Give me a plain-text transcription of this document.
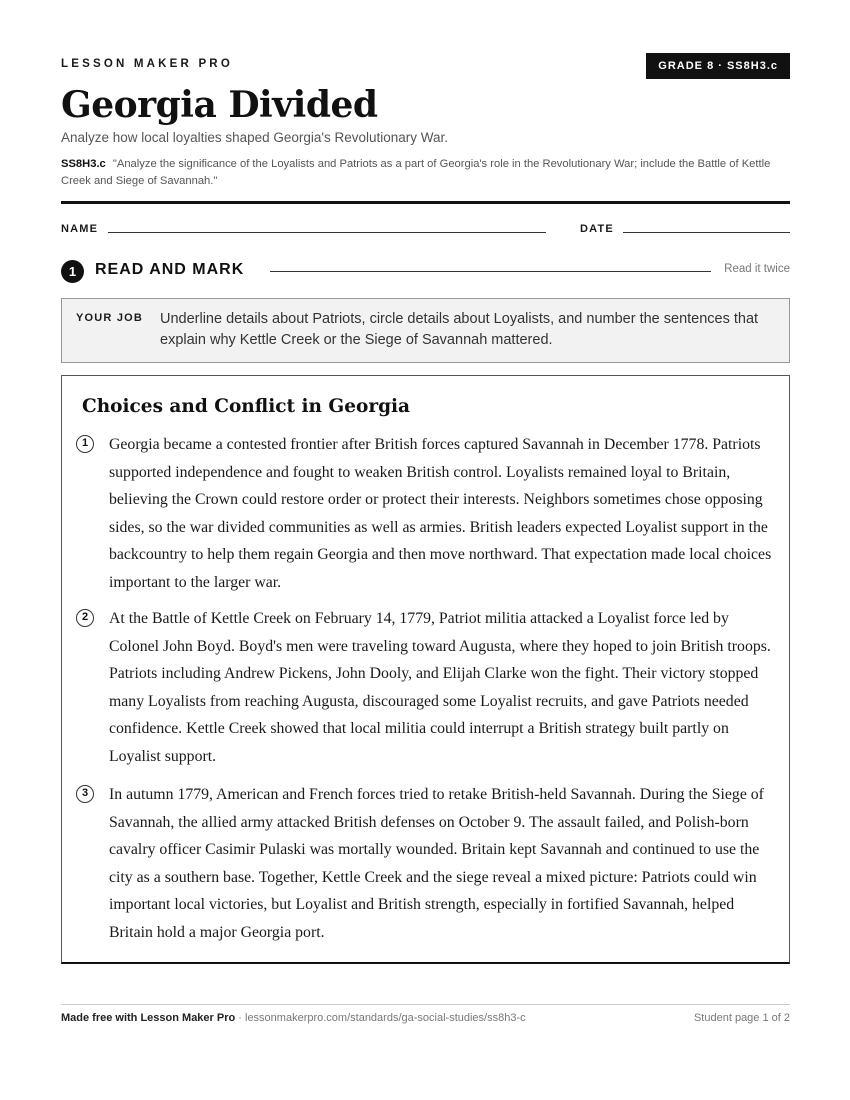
LESSON MAKER PRO	GRADE 8 · SS8H3.c
Georgia Divided
Analyze how local loyalties shaped Georgia's Revolutionary War.
SS8H3.c "Analyze the significance of the Loyalists and Patriots as a part of Georgia's role in the Revolutionary War; include the Battle of Kettle Creek and Siege of Savannah."
NAME	DATE
1	READ AND MARK	Read it twice
YOUR JOB Underline details about Patriots, circle details about Loyalists, and number the sentences that explain why Kettle Creek or the Siege of Savannah mattered.
Choices and Conflict in Georgia
1	Georgia became a contested frontier after British forces captured Savannah in December 1778. Patriots supported independence and fought to weaken British control. Loyalists remained loyal to Britain, believing the Crown could restore order or protect their interests. Neighbors sometimes chose opposing sides, so the war divided communities as well as armies. British leaders expected Loyalist support in the backcountry to help them regain Georgia and then move northward. That expectation made local choices important to the larger war.

2	At the Battle of Kettle Creek on February 14, 1779, Patriot militia attacked a Loyalist force led by Colonel John Boyd. Boyd's men were traveling toward Augusta, where they hoped to join British troops. Patriots including Andrew Pickens, John Dooly, and Elijah Clarke won the fight. Their victory stopped many Loyalists from reaching Augusta, discouraged some Loyalist recruits, and gave Patriots needed confidence. Kettle Creek showed that local militia could interrupt a British strategy built partly on Loyalist support.

3	In autumn 1779, American and French forces tried to retake British-held Savannah. During the Siege of Savannah, the allied army attacked British defenses on October 9. The assault failed, and Polish-born cavalry officer Casimir Pulaski was mortally wounded. Britain kept Savannah and continued to use the city as a southern base. Together, Kettle Creek and the siege reveal a mixed picture: Patriots could win important local victories, but Loyalist and British strength, especially in fortified Savannah, helped Britain hold a major Georgia port.

Made free with Lesson Maker Pro · lessonmakerpro.com/standards/ga-social-studies/ss8h3-c	Student page 1 of 2
